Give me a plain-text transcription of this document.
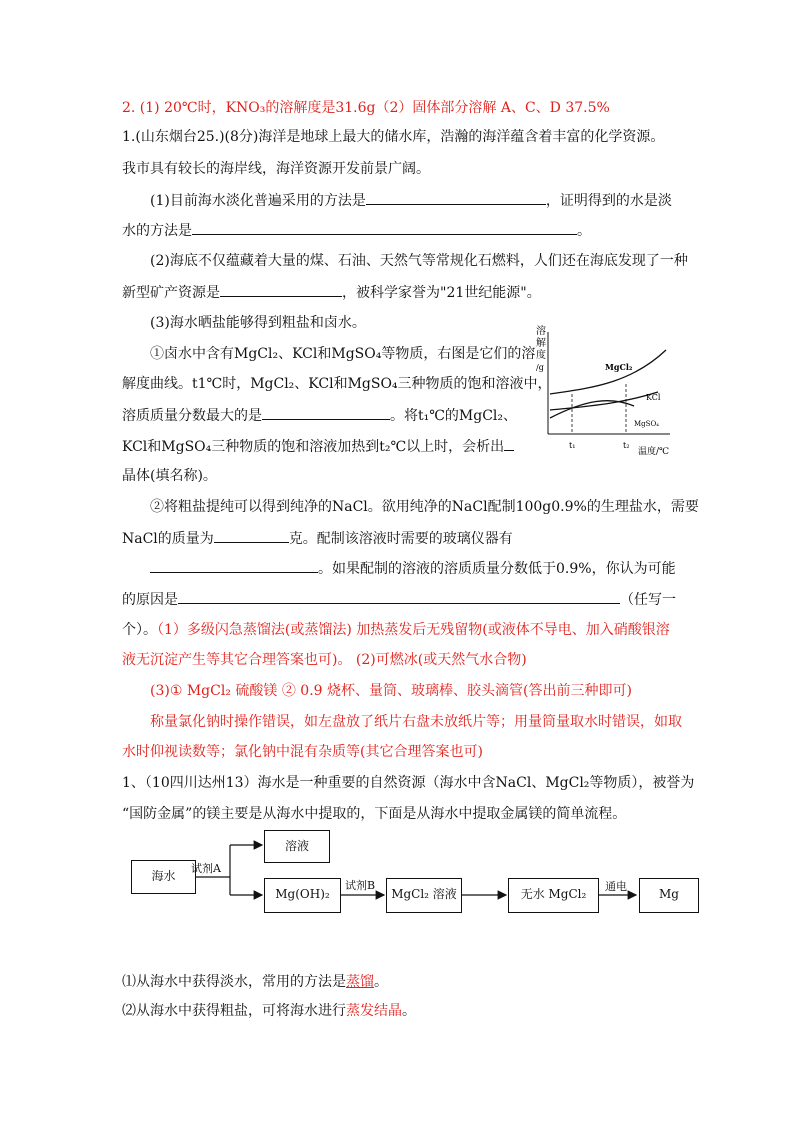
2. (1) 20℃时，KNO₃的溶解度是31.6g（2）固体部分溶解 A、C、D 37.5%
1.(山东烟台25.)(8分)海洋是地球上最大的储水库，浩瀚的海洋蕴含着丰富的化学资源。
我市具有较长的海岸线，海洋资源开发前景广阔。
(1)目前海水淡化普遍采用的方法是	，证明得到的水是淡
水的方法是	。
(2)海底不仅蕴藏着大量的煤、石油、天然气等常规化石燃料，人们还在海底发现了一种
新型矿产资源是	，被科学家誉为"21世纪能源"。
(3)海水晒盐能够得到粗盐和卤水。
①卤水中含有MgCl₂、KCl和MgSO₄等物质，右图是它们的溶
解度曲线。t1℃时，MgCl₂、KCl和MgSO₄三种物质的饱和溶液中，
溶质质量分数最大的是	。将t₁℃的MgCl₂、
KCl和MgSO₄三种物质的饱和溶液加热到t₂℃以上时，会析出
晶体(填名称)。
溶
解
度
/g	MgCl₂
KCl
MgSO₄
t₁	t₂
温度/℃
②将粗盐提纯可以得到纯净的NaCl。欲用纯净的NaCl配制100g0.9%的生理盐水，需要
NaCl的质量为	克。配制该溶液时需要的玻璃仪器有
。如果配制的溶液的溶质质量分数低于0.9%，你认为可能
的原因是	（任写一
个）。（1）多级闪急蒸馏法(或蒸馏法) 加热蒸发后无残留物(或液体不导电、加入硝酸银溶
液无沉淀产生等其它合理答案也可)。 (2)可燃冰(或天然气水合物)
(3)① MgCl₂ 硫酸镁 ② 0.9 烧杯、量筒、玻璃棒、胶头滴管(答出前三种即可)
称量氯化钠时操作错误，如左盘放了纸片右盘未放纸片等；用量筒量取水时错误，如取
水时仰视读数等；氯化钠中混有杂质等(其它合理答案也可)
1、（10四川达州13）海水是一种重要的自然资源（海水中含NaCl、MgCl₂等物质），被誉为
“国防金属”的镁主要是从海水中提取的，下面是从海水中提取金属镁的简单流程。
海水
试剂A
溶液
Mg(OH)₂
试剂B
MgCl₂ 溶液	无水 MgCl₂
通电
Mg
⑴从海水中获得淡水，常用的方法是蒸馏。
⑵从海水中获得粗盐，可将海水进行蒸发结晶。
